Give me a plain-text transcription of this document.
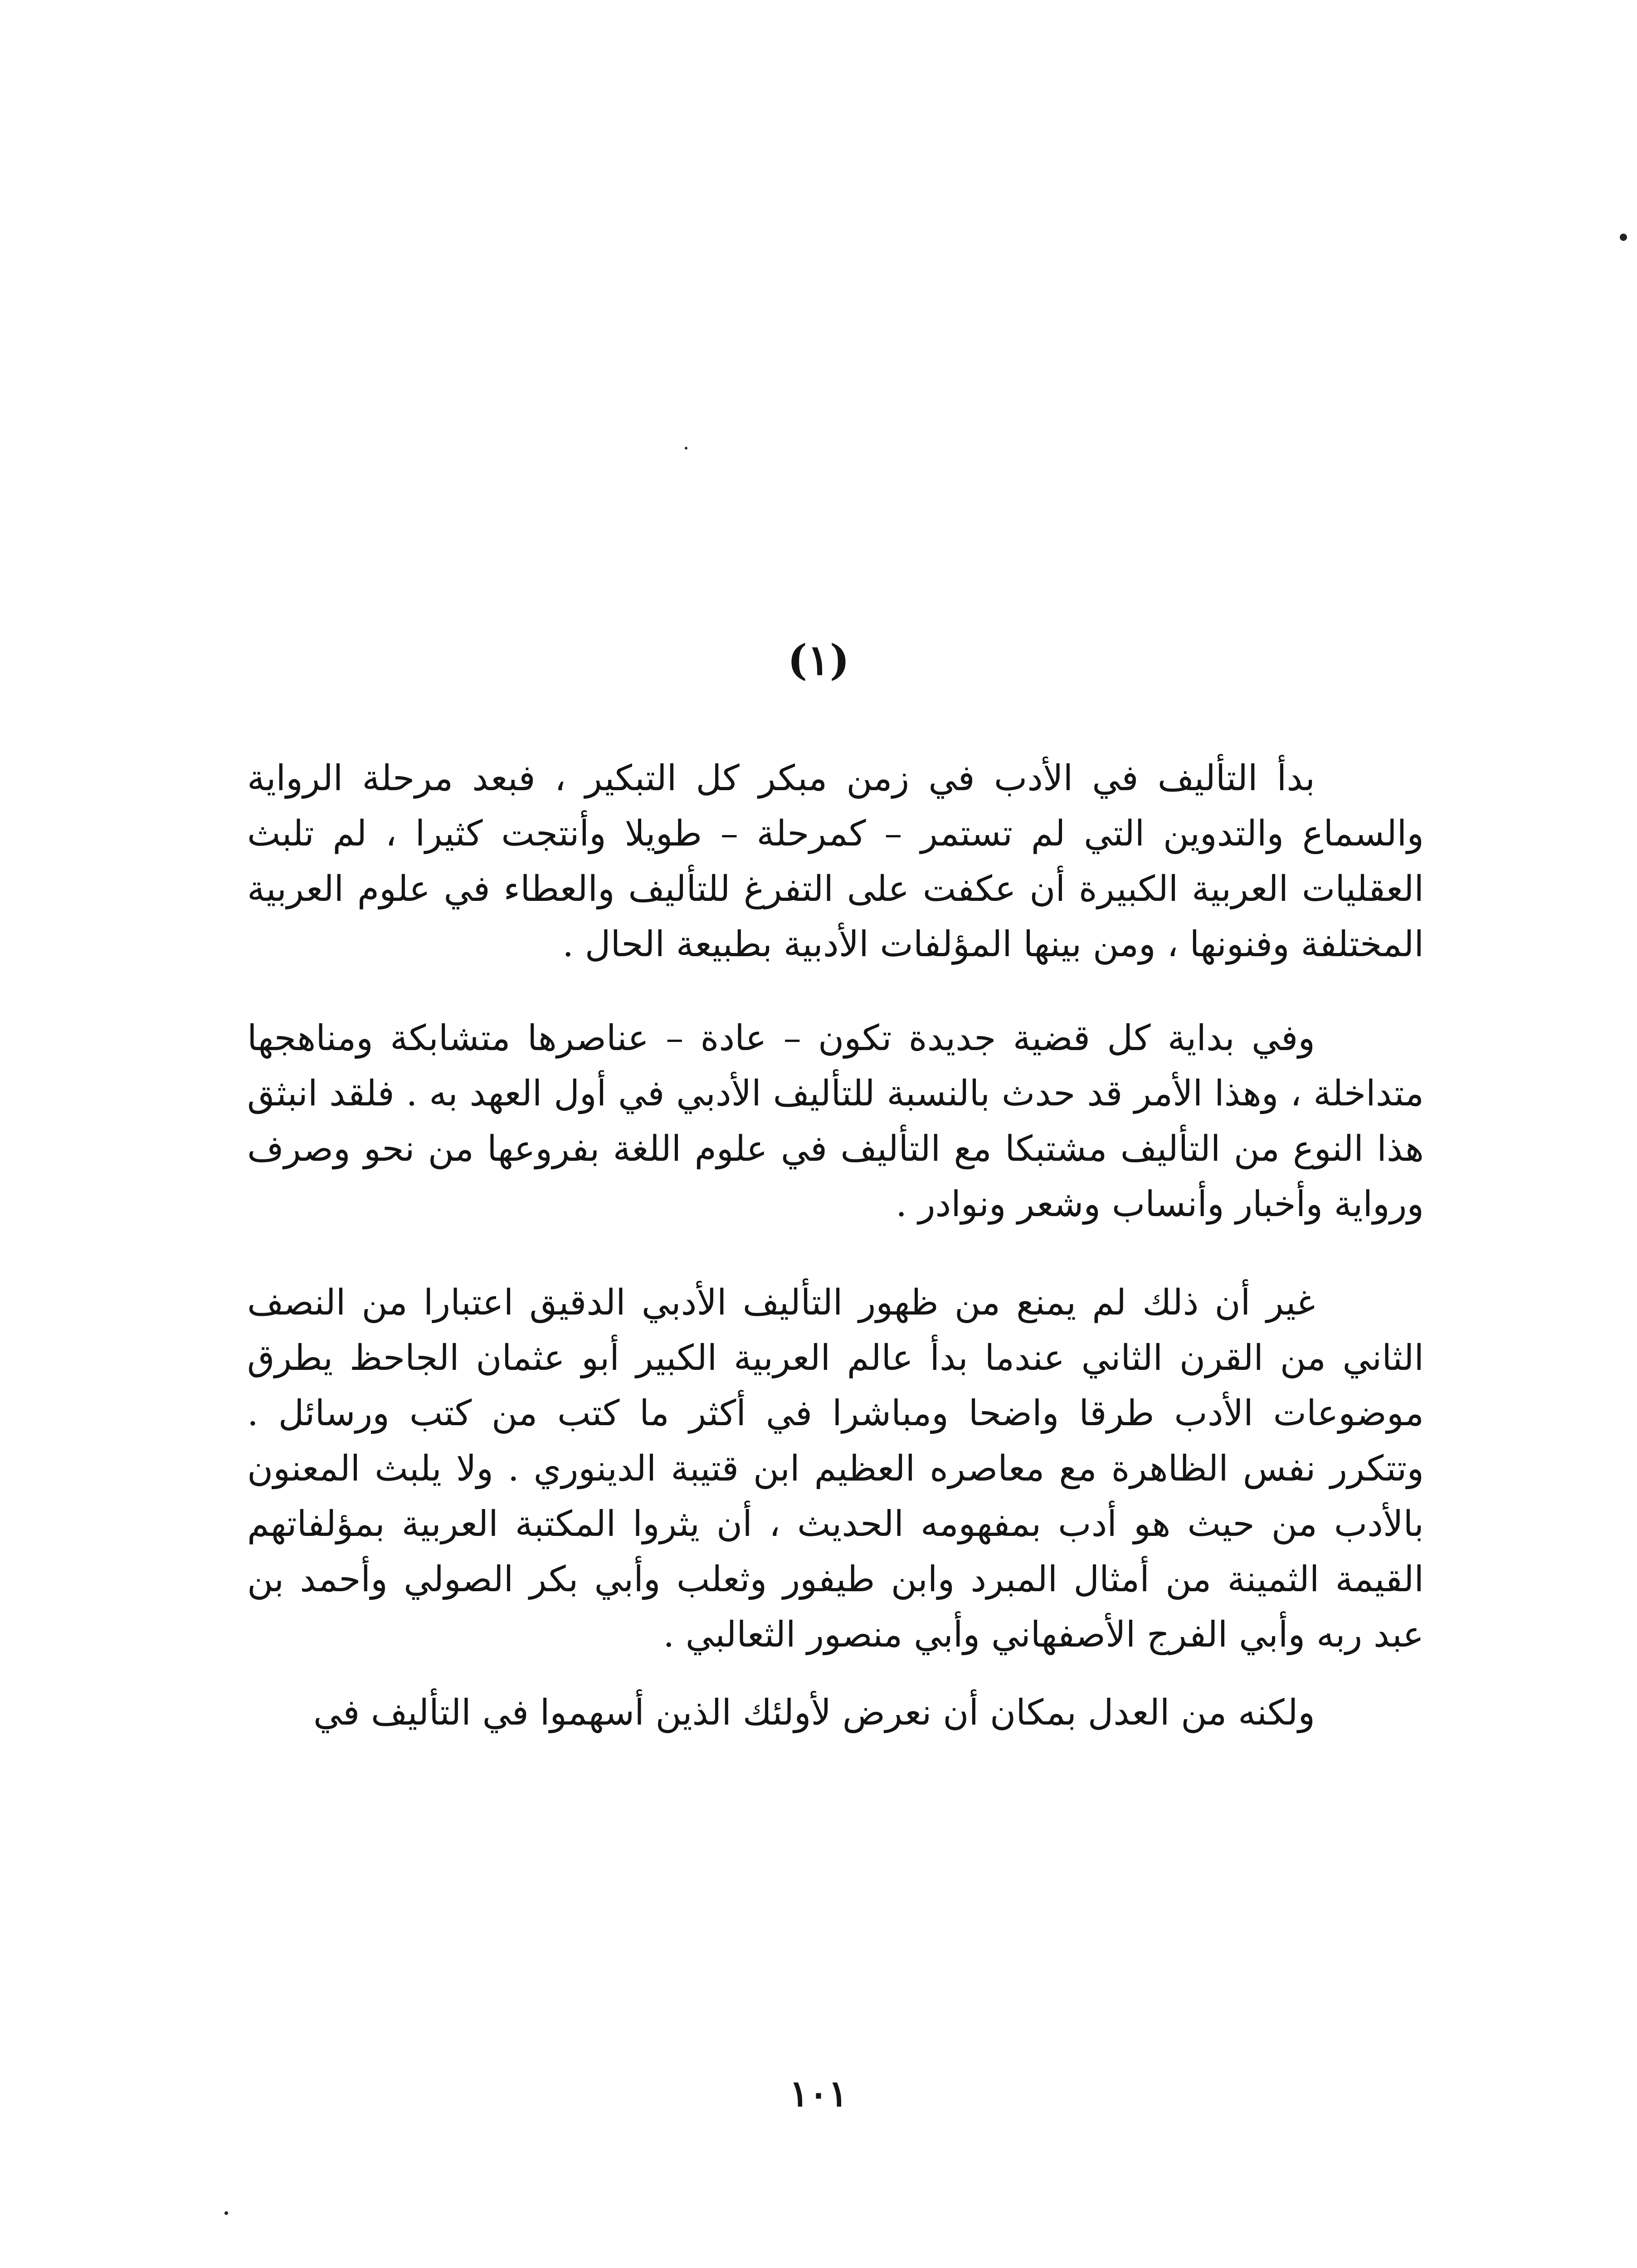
(١)

بدأ التأليف في الأدب في زمن مبكر كل التبكير ، فبعد مرحلة الرواية والسماع والتدوين التي لم تستمر – كمرحلة – طويلا وأنتجت كثيرا ، لم تلبث العقليات العربية الكبيرة أن عكفت على التفرغ للتأليف والعطاء في علوم العربية المختلفة وفنونها ، ومن بينها المؤلفات الأدبية بطبيعة الحال .

وفي بداية كل قضية جديدة تكون – عادة – عناصرها متشابكة ومناهجها متداخلة ، وهذا الأمر قد حدث بالنسبة للتأليف الأدبي في أول العهد به . فلقد انبثق هذا النوع من التأليف مشتبكا مع التأليف في علوم اللغة بفروعها من نحو وصرف ورواية وأخبار وأنساب وشعر ونوادر .

غير أن ذلك لم يمنع من ظهور التأليف الأدبي الدقيق اعتبارا من النصف الثاني من القرن الثاني عندما بدأ عالم العربية الكبير أبو عثمان الجاحظ يطرق موضوعات الأدب طرقا واضحا ومباشرا في أكثر ما كتب من كتب ورسائل . وتتكرر نفس الظاهرة مع معاصره العظيم ابن قتيبة الدينوري . ولا يلبث المعنون بالأدب من حيث هو أدب بمفهومه الحديث ، أن يثروا المكتبة العربية بمؤلفاتهم القيمة الثمينة من أمثال المبرد وابن طيفور وثعلب وأبي بكر الصولي وأحمد بن عبد ربه وأبي الفرج الأصفهاني وأبي منصور الثعالبي .

ولكنه من العدل بمكان أن نعرض لأولئك الذين أسهموا في التأليف في

١٠١
